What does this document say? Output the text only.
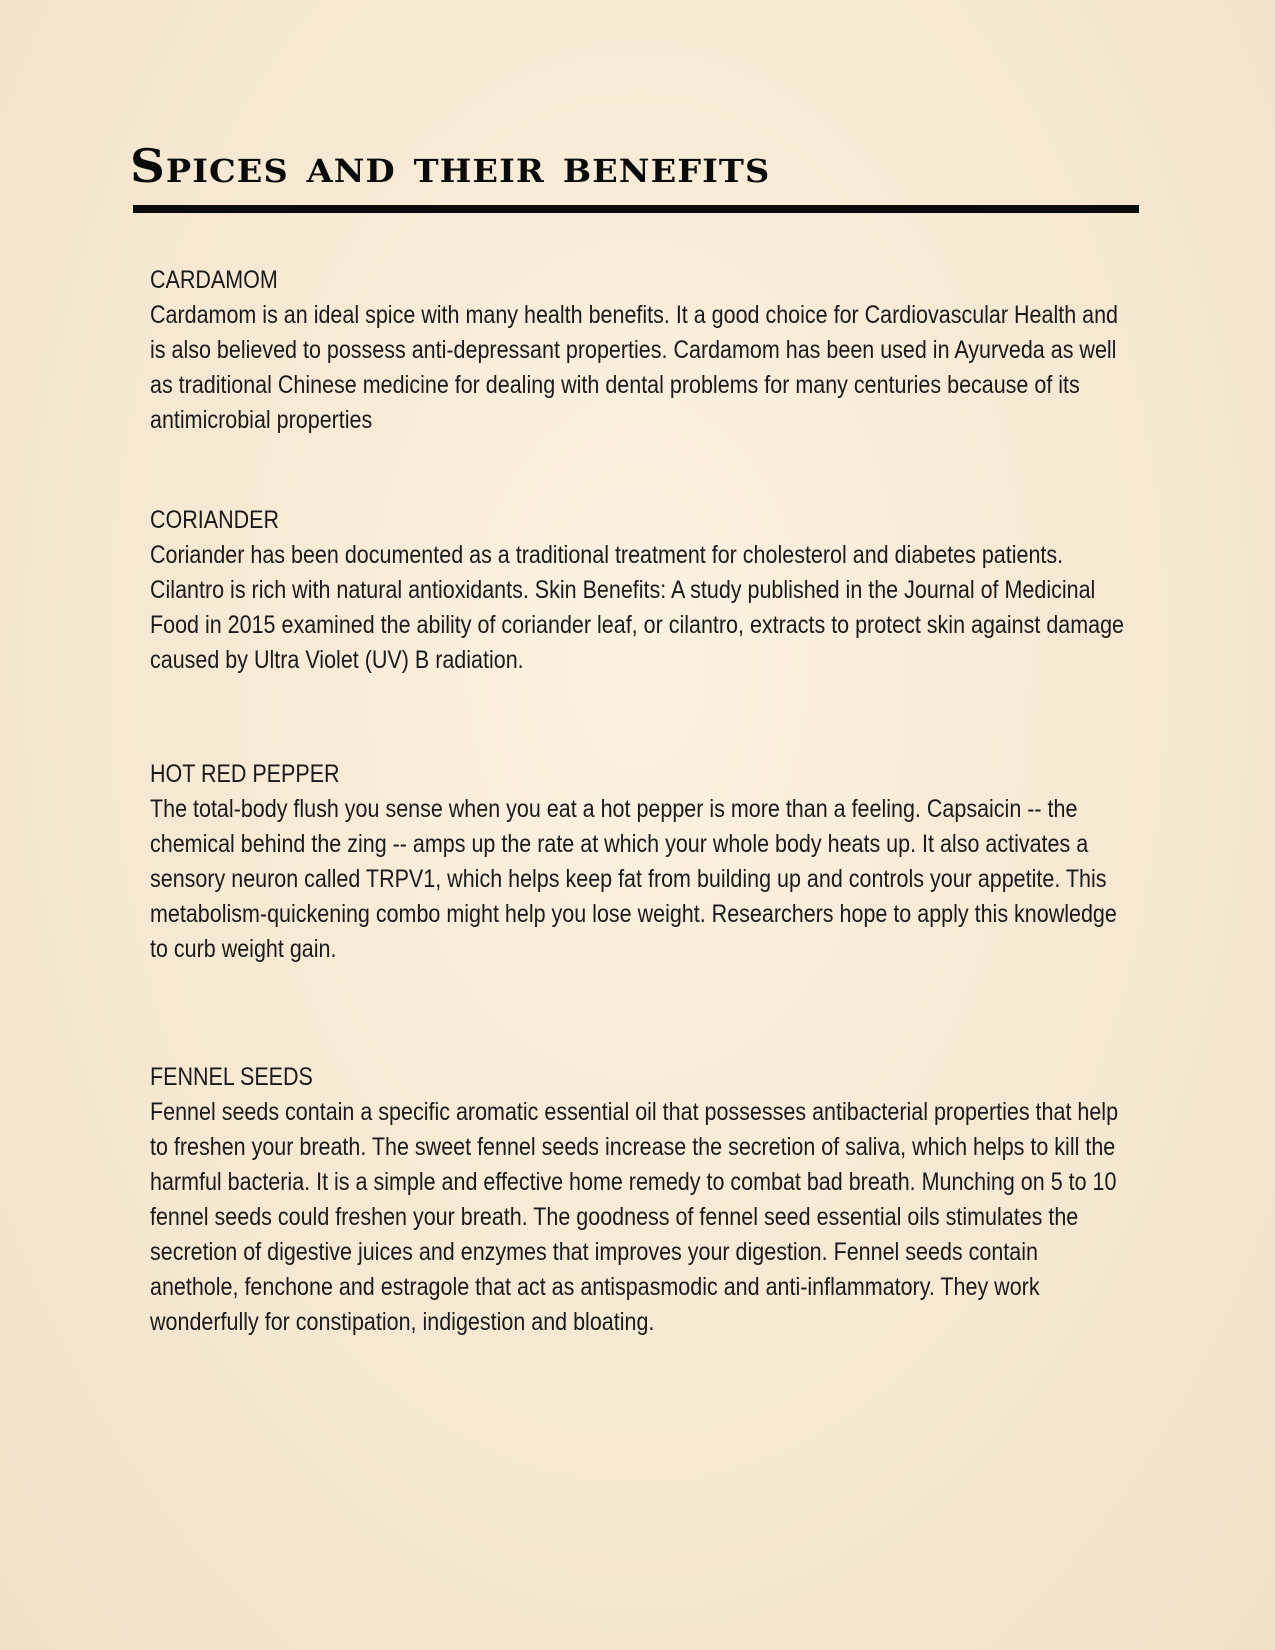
Spices and their benefits
CARDAMOM

Cardamom is an ideal spice with many health benefits. It a good choice for Cardiovascular Health and is also believed to possess anti-depressant properties. Cardamom has been used in Ayurveda as well as traditional Chinese medicine for dealing with dental problems for many centuries because of its antimicrobial properties

CORIANDER

Coriander has been documented as a traditional treatment for cholesterol and diabetes patients. Cilantro is rich with natural antioxidants. Skin Benefits: A study published in the Journal of Medicinal Food in 2015 examined the ability of coriander leaf, or cilantro, extracts to protect skin against damage caused by Ultra Violet (UV) B radiation.

HOT RED PEPPER

The total-body flush you sense when you eat a hot pepper is more than a feeling. Capsaicin -- the chemical behind the zing -- amps up the rate at which your whole body heats up. It also activates a sensory neuron called TRPV1, which helps keep fat from building up and controls your appetite. This metabolism-quickening combo might help you lose weight. Researchers hope to apply this knowledge to curb weight gain.

FENNEL SEEDS

Fennel seeds contain a specific aromatic essential oil that possesses antibacterial properties that help to freshen your breath. The sweet fennel seeds increase the secretion of saliva, which helps to kill the harmful bacteria. It is a simple and effective home remedy to combat bad breath. Munching on 5 to 10 fennel seeds could freshen your breath. The goodness of fennel seed essential oils stimulates the secretion of digestive juices and enzymes that improves your digestion. Fennel seeds contain anethole, fenchone and estragole that act as antispasmodic and anti-inflammatory. They work wonderfully for constipation, indigestion and bloating.
